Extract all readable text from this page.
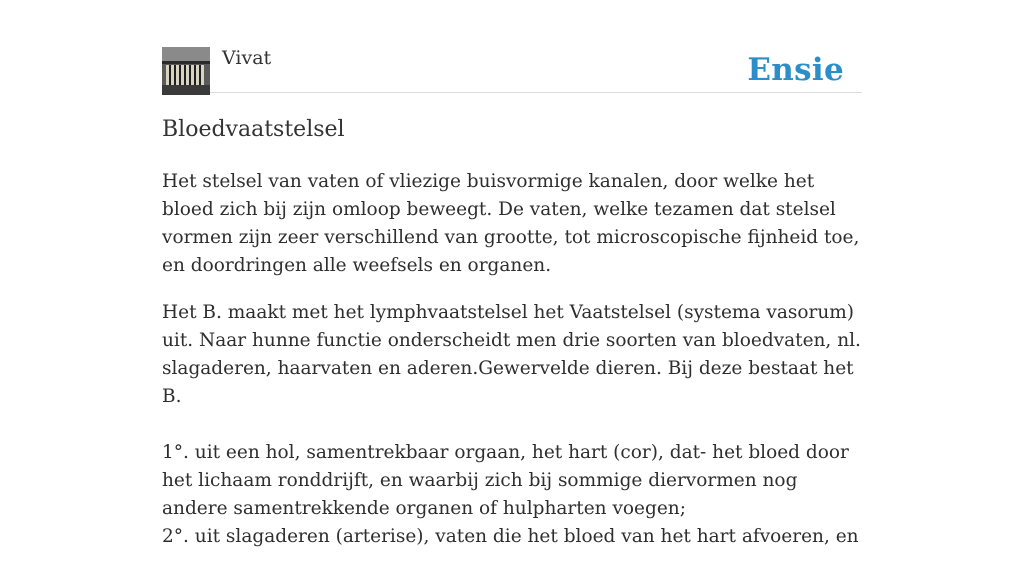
Vivat	Ensie
Bloedvaatstelsel

Het stelsel van vaten of vliezige buisvormige kanalen, door welke het bloed zich bij zijn omloop beweegt. De vaten, welke tezamen dat stelsel vormen zijn zeer verschillend van grootte, tot microscopische fijnheid toe, en doordringen alle weefsels en organen.

Het B. maakt met het lymphvaatstelsel het Vaatstelsel (systema vasorum) uit. Naar hunne functie onderscheidt men drie soorten van bloedvaten, nl. slagaderen, haarvaten en aderen.Gewervelde dieren. Bij deze bestaat het B.
1°. uit een hol, samentrekbaar orgaan, het hart (cor), dat- het bloed door het lichaam ronddrijft, en waarbij zich bij sommige diervormen nog andere samentrekkende organen of hulpharten voegen;
2°. uit slagaderen (arterise), vaten die het bloed van het hart afvoeren, en
